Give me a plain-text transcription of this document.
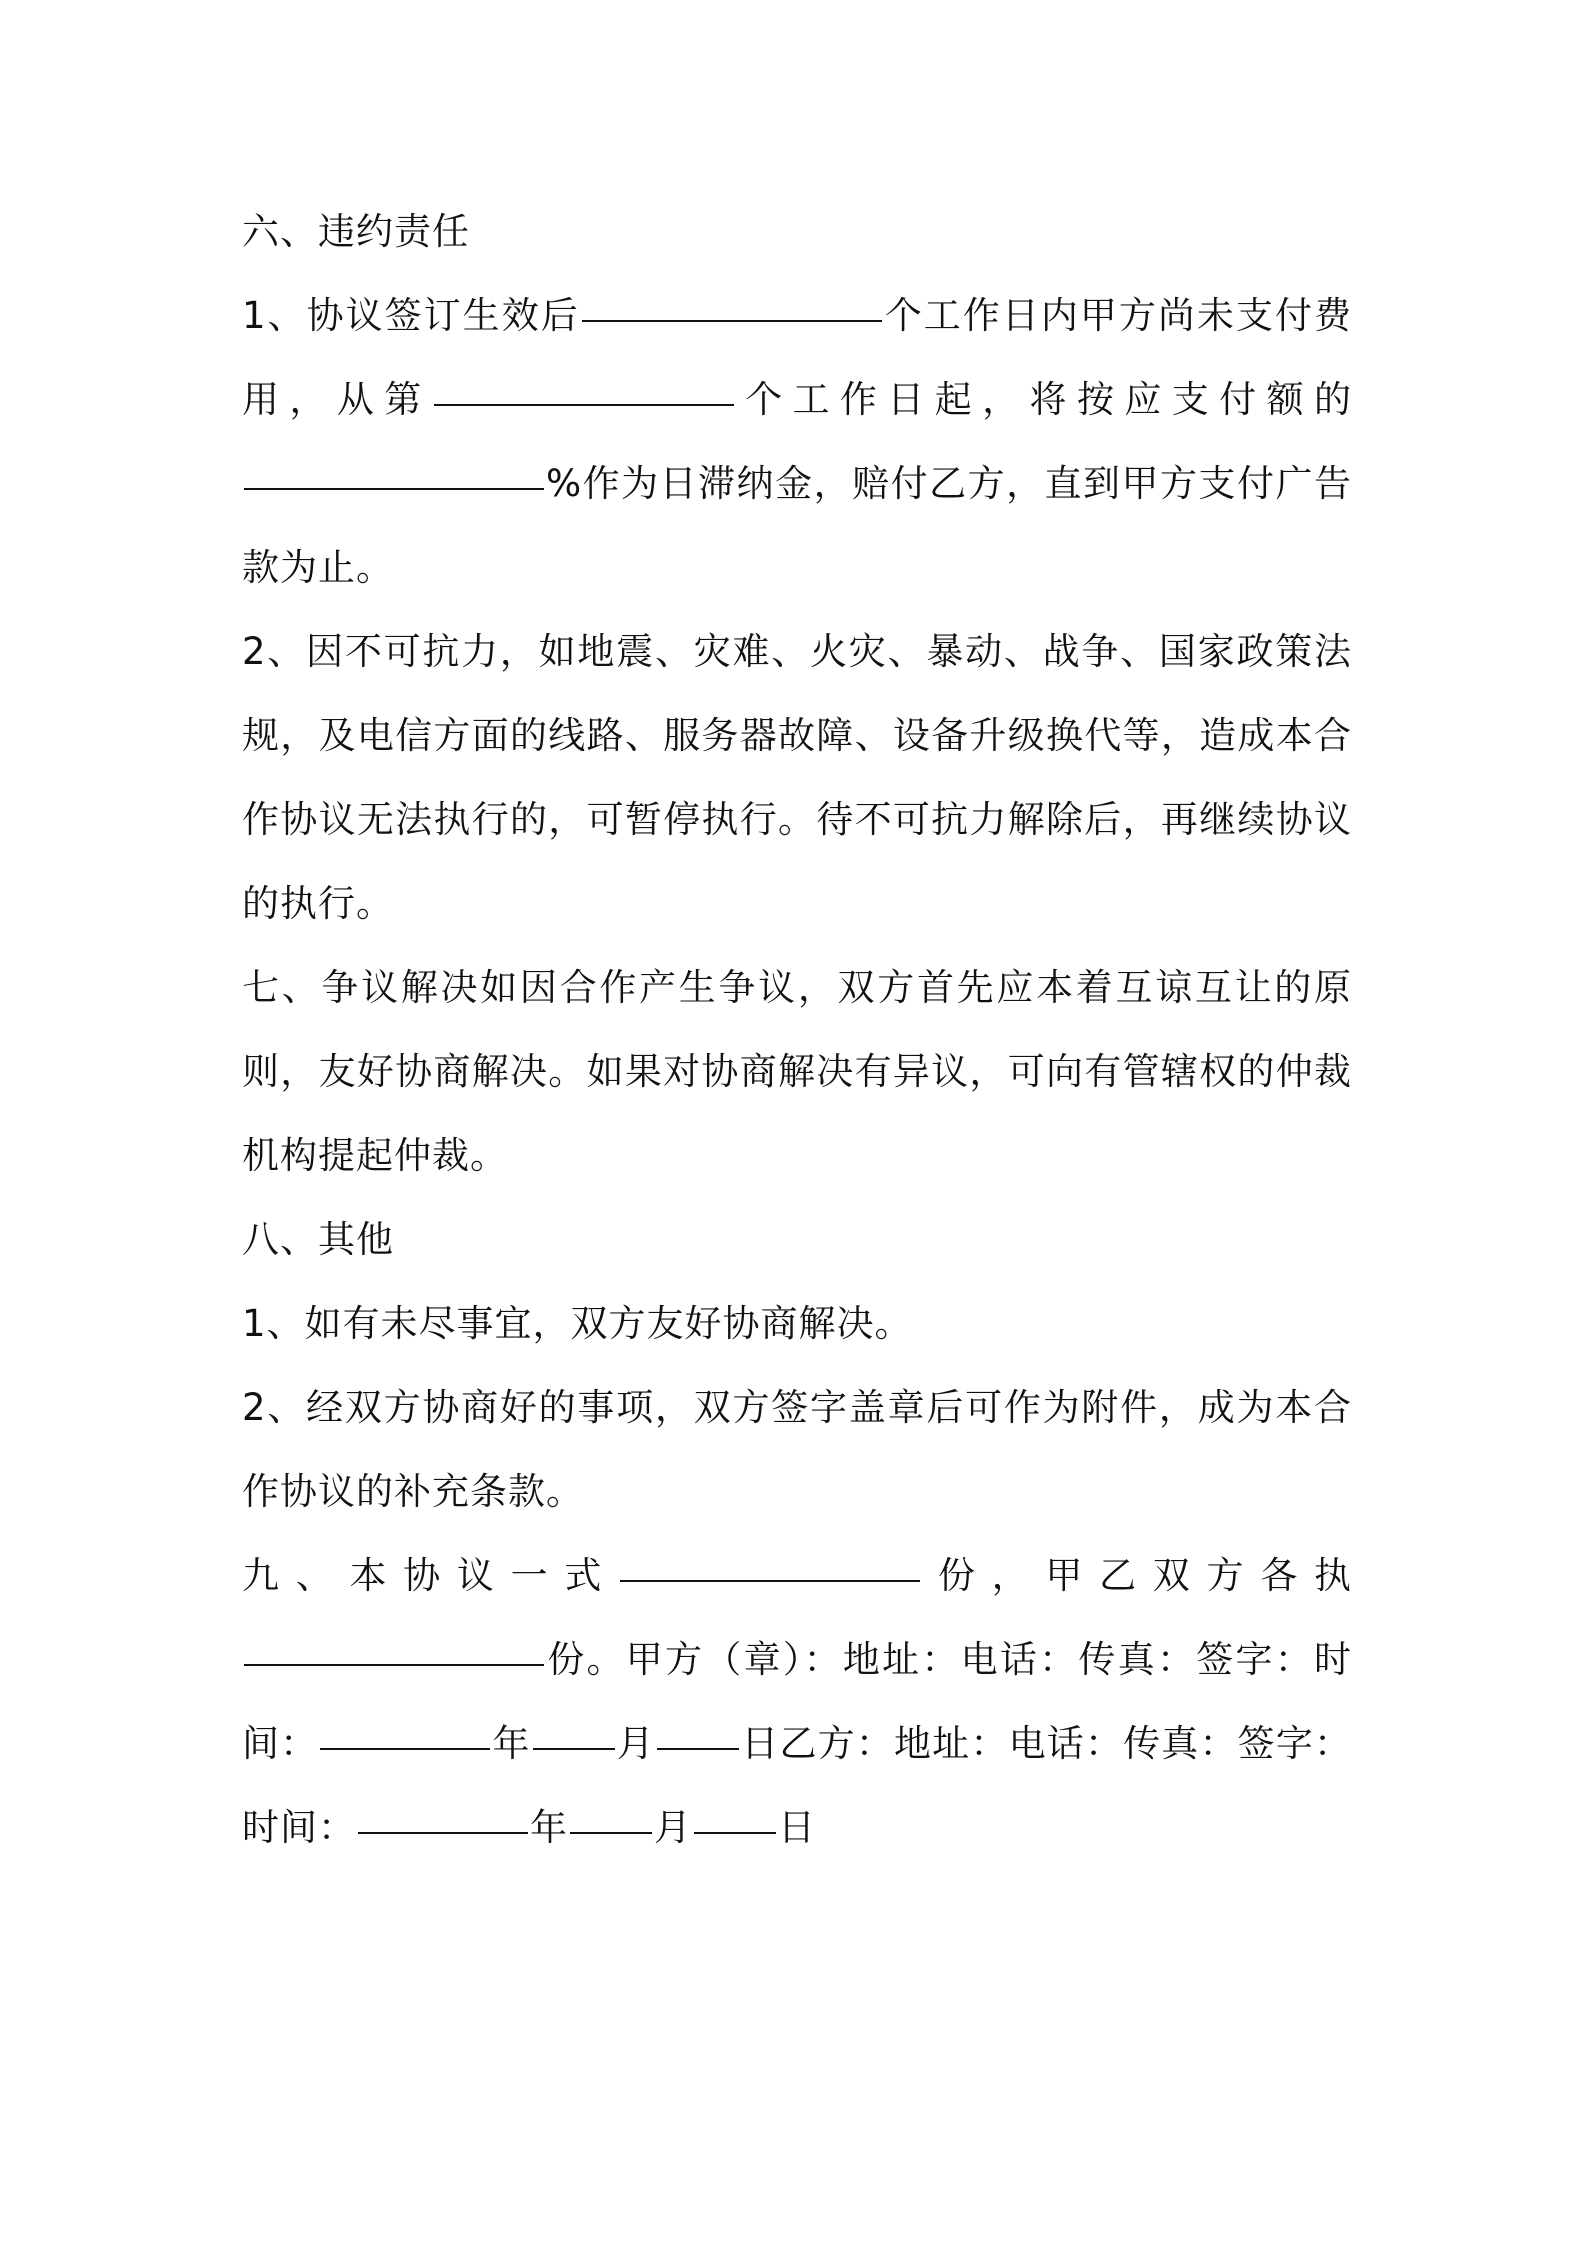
六、违约责任

1、协议签订生效后	个工作日内甲方尚未支付费用，从第	个工作日起，将按应支付额的%作为日滞纳金，赔付乙方，直到甲方支付广告款为止。

2、因不可抗力，如地震、灾难、火灾、暴动、战争、国家政策法规，及电信方面的线路、服务器故障、设备升级换代等，造成本合作协议无法执行的，可暂停执行。待不可抗力解除后，再继续协议的执行。

七、争议解决如因合作产生争议，双方首先应本着互谅互让的原则，友好协商解决。如果对协商解决有异议，可向有管辖权的仲裁机构提起仲裁。

八、其他

1、如有未尽事宜，双方友好协商解决。

2、经双方协商好的事项，双方签字盖章后可作为附件，成为本合作协议的补充条款。

九、本协议一式	份，甲乙双方各执份。甲方（章）：地址：电话：传真：签字：时间：	年 月 日乙方：地址：电话：传真：签字：时间：	年 月 日
